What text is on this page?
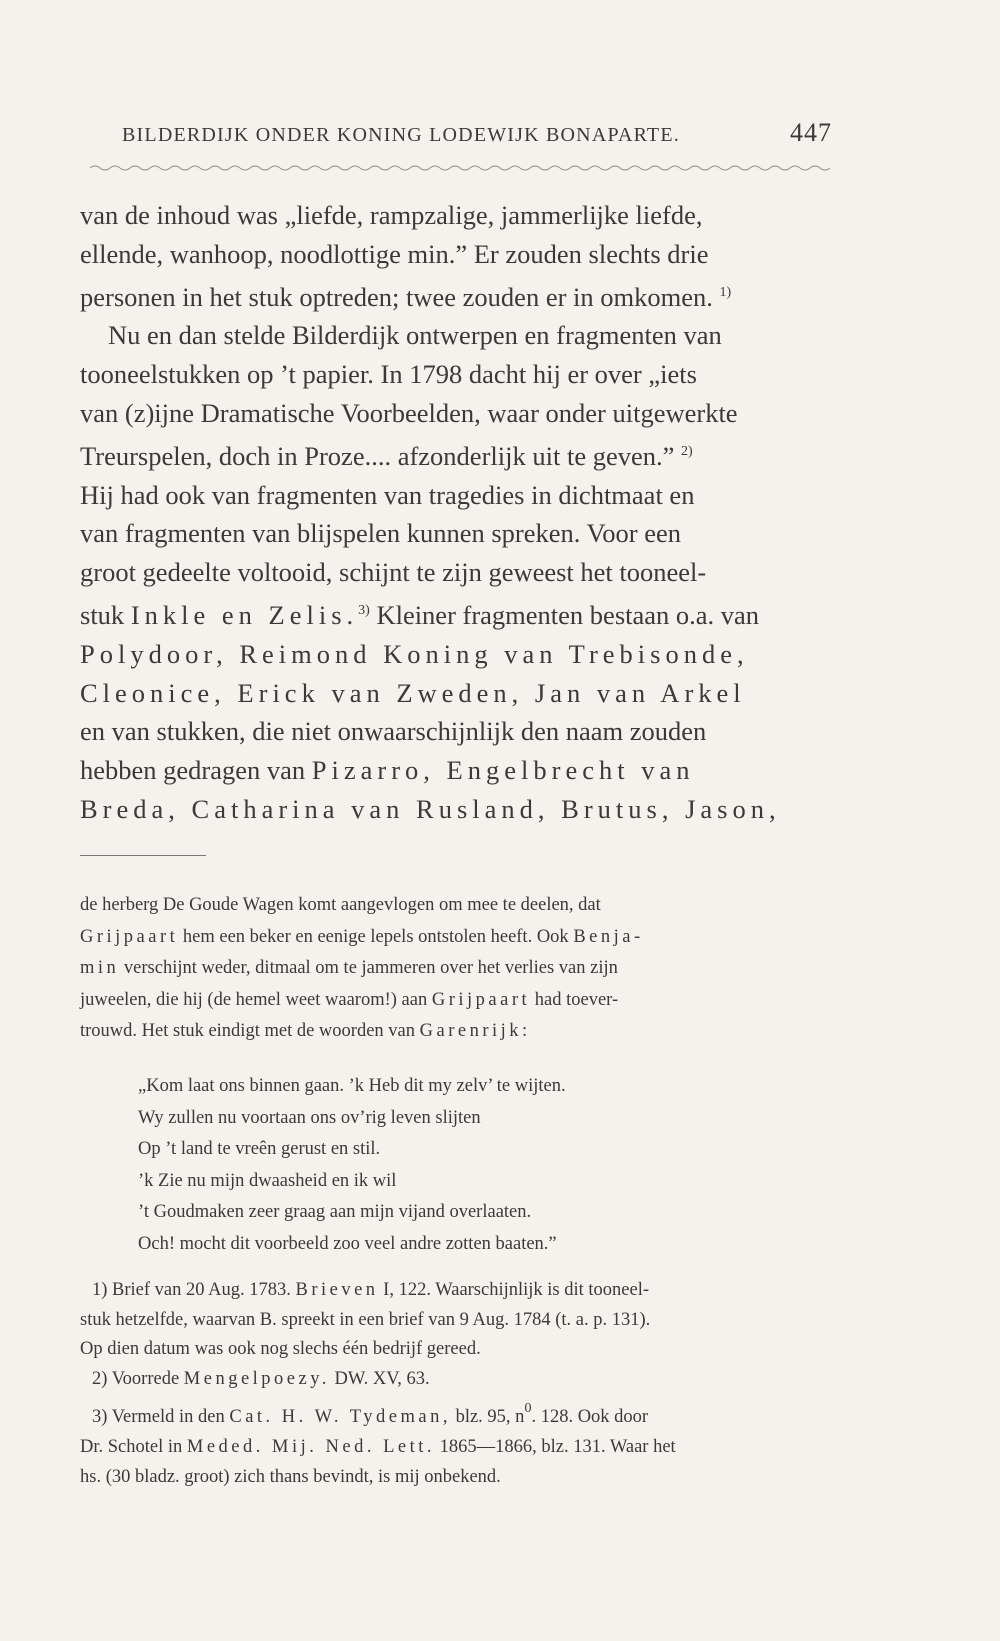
BILDERDIJK ONDER KONING LODEWIJK BONAPARTE.	447
van de inhoud was „liefde, rampzalige, jammerlijke liefde,
ellende, wanhoop, noodlottige min.” Er zouden slechts drie
personen in het stuk optreden; twee zouden er in omkomen. $^{1)}$
Nu en dan stelde Bilderdijk ontwerpen en fragmenten van
tooneelstukken op ’t papier. In 1798 dacht hij er over „iets
van (z)ijne Dramatische Voorbeelden, waar onder uitgewerkte
Treurspelen, doch in Proze.... afzonderlijk uit te geven.” $^{2)}$
Hij had ook van fragmenten van tragedies in dichtmaat en
van fragmenten van blijspelen kunnen spreken. Voor een
groot gedeelte voltooid, schijnt te zijn geweest het tooneel-
stuk Inkle en Zelis.$^{3)}$ Kleiner fragmenten bestaan o.a. van
Polydoor, Reimond Koning van Trebisonde,
Cleonice, Erick van Zweden, Jan van Arkel
en van stukken, die niet onwaarschijnlijk den naam zouden
hebben gedragen van Pizarro, Engelbrecht van
Breda, Catharina van Rusland, Brutus, Jason,
de herberg De Goude Wagen komt aangevlogen om mee te deelen, dat
Grijpaart hem een beker en eenige lepels ontstolen heeft. Ook Benja-
min verschijnt weder, ditmaal om te jammeren over het verlies van zijn
juweelen, die hij (de hemel weet waarom!) aan Grijpaart had toever-
trouwd. Het stuk eindigt met de woorden van Garenrijk:
„Kom laat ons binnen gaan. ’k Heb dit my zelv’ te wijten.
Wy zullen nu voortaan ons ov’rig leven slijten
Op ’t land te vreên gerust en stil.
’k Zie nu mijn dwaasheid en ik wil
’t Goudmaken zeer graag aan mijn vijand overlaaten.
Och! mocht dit voorbeeld zoo veel andre zotten baaten.”
1) Brief van 20 Aug. 1783. Brieven I, 122. Waarschijnlijk is dit tooneel-
stuk hetzelfde, waarvan B. spreekt in een brief van 9 Aug. 1784 (t. a. p. 131).
Op dien datum was ook nog slechs één bedrijf gereed.
2) Voorrede Mengelpoezy. DW. XV, 63.
3) Vermeld in den Cat. H. W. Tydeman, blz. 95, $n^0$. 128. Ook door
Dr. Schotel in Meded. Mij. Ned. Lett. 1865—1866, blz. 131. Waar het
hs. (30 bladz. groot) zich thans bevindt, is mij onbekend.
